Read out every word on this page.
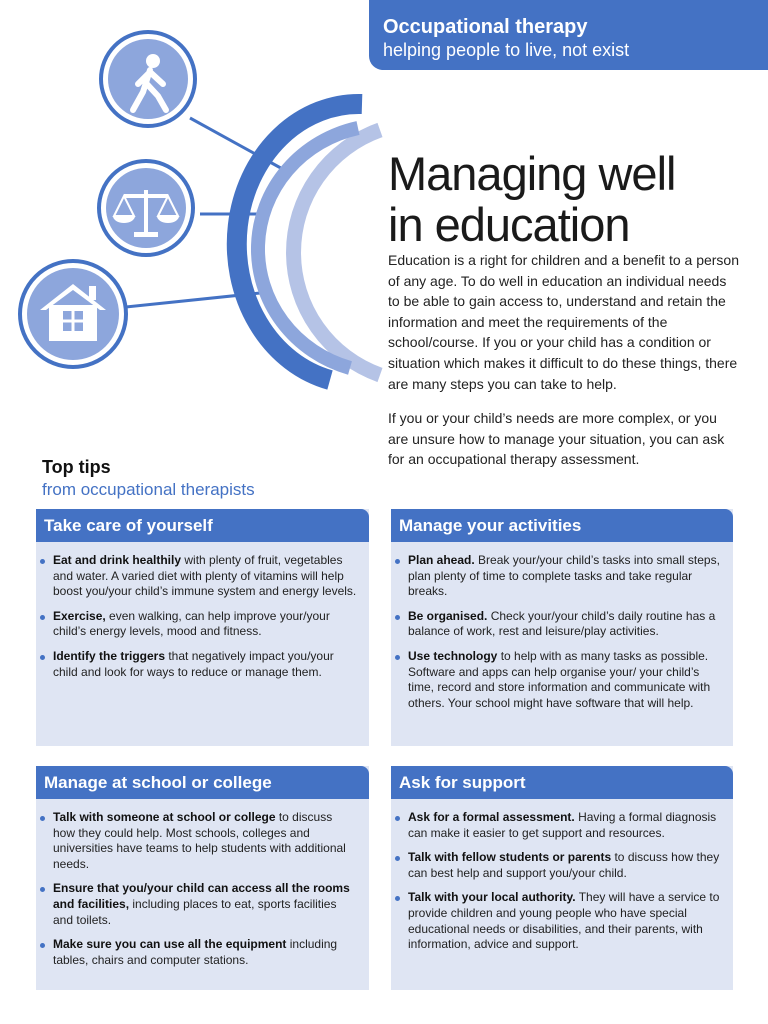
Occupational therapy
helping people to live, not exist
Managing well
in education

Education is a right for children and a benefit to a person of any age. To do well in education an individual needs to be able to gain access to, understand and retain the information and meet the requirements of the school/course. If you or your child has a condition or situation which makes it difficult to do these things, there are many steps you can take to help.

If you or your child’s needs are more complex, or you are unsure how to manage your situation, you can ask for an occupational therapy assessment.

Top tips
from occupational therapists
Take care of yourself
Eat and drink healthily with plenty of fruit, vegetables and water. A varied diet with plenty of vitamins will help boost you/your child’s immune system and energy levels.
Exercise, even walking, can help improve your/your child’s energy levels, mood and fitness.
Identify the triggers that negatively impact you/your child and look for ways to reduce or manage them.
Manage your activities
Plan ahead. Break your/your child’s tasks into small steps, plan plenty of time to complete tasks and take regular breaks.
Be organised. Check your/your child’s daily routine has a balance of work, rest and leisure/play activities.
Use technology to help with as many tasks as possible. Software and apps can help organise your/ your child’s time, record and store information and communicate with others. Your school might have software that will help.
Manage at school or college
Talk with someone at school or college to discuss how they could help. Most schools, colleges and universities have teams to help students with additional needs.
Ensure that you/your child can access all the rooms and facilities, including places to eat, sports facilities and toilets.
Make sure you can use all the equipment including tables, chairs and computer stations.
Ask for support
Ask for a formal assessment. Having a formal diagnosis can make it easier to get support and resources.
Talk with fellow students or parents to discuss how they can best help and support you/your child.
Talk with your local authority. They will have a service to provide children and young people who have special educational needs or disabilities, and their parents, with information, advice and support.
